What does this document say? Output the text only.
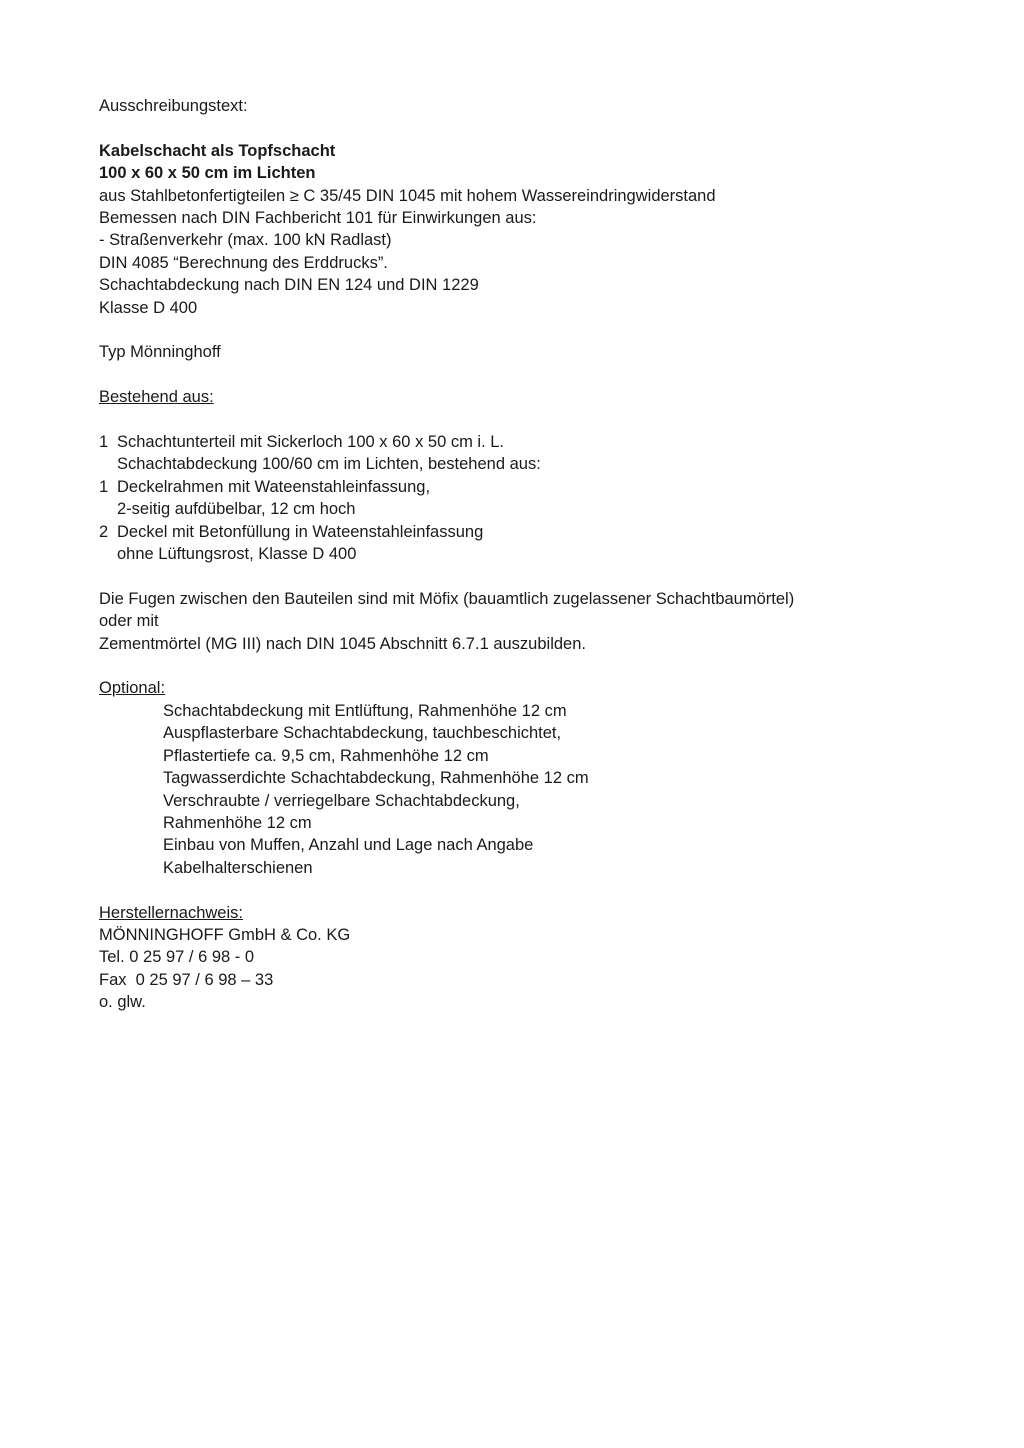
Ausschreibungstext:

Kabelschacht als Topfschacht

100 x 60 x 50 cm im Lichten

aus Stahlbetonfertigteilen ≥ C 35/45 DIN 1045 mit hohem Wassereindringwiderstand

Bemessen nach DIN Fachbericht 101 für Einwirkungen aus:

- Straßenverkehr (max. 100 kN Radlast)

DIN 4085 “Berechnung des Erddrucks”.

Schachtabdeckung nach DIN EN 124 und DIN 1229

Klasse D 400

Typ Mönninghoff

Bestehend aus:

1 Schachtunterteil mit Sickerloch 100 x 60 x 50 cm i. L.
Schachtabdeckung 100/60 cm im Lichten, bestehend aus:
1 Deckelrahmen mit Wateenstahleinfassung,
2-seitig aufdübelbar, 12 cm hoch
2 Deckel mit Betonfüllung in Wateenstahleinfassung
ohne Lüftungsrost, Klasse D 400

Die Fugen zwischen den Bauteilen sind mit Möfix (bauamtlich zugelassener Schachtbaumörtel)

oder mit

Zementmörtel (MG III) nach DIN 1045 Abschnitt 6.7.1 auszubilden.

Optional:

Schachtabdeckung mit Entlüftung, Rahmenhöhe 12 cm

Auspflasterbare Schachtabdeckung, tauchbeschichtet,

Pflastertiefe ca. 9,5 cm, Rahmenhöhe 12 cm

Tagwasserdichte Schachtabdeckung, Rahmenhöhe 12 cm

Verschraubte / verriegelbare Schachtabdeckung,

Rahmenhöhe 12 cm

Einbau von Muffen, Anzahl und Lage nach Angabe

Kabelhalterschienen

Herstellernachweis:

MÖNNINGHOFF GmbH & Co. KG

Tel. 0 25 97 / 6 98 - 0

Fax  0 25 97 / 6 98 – 33

o. glw.
